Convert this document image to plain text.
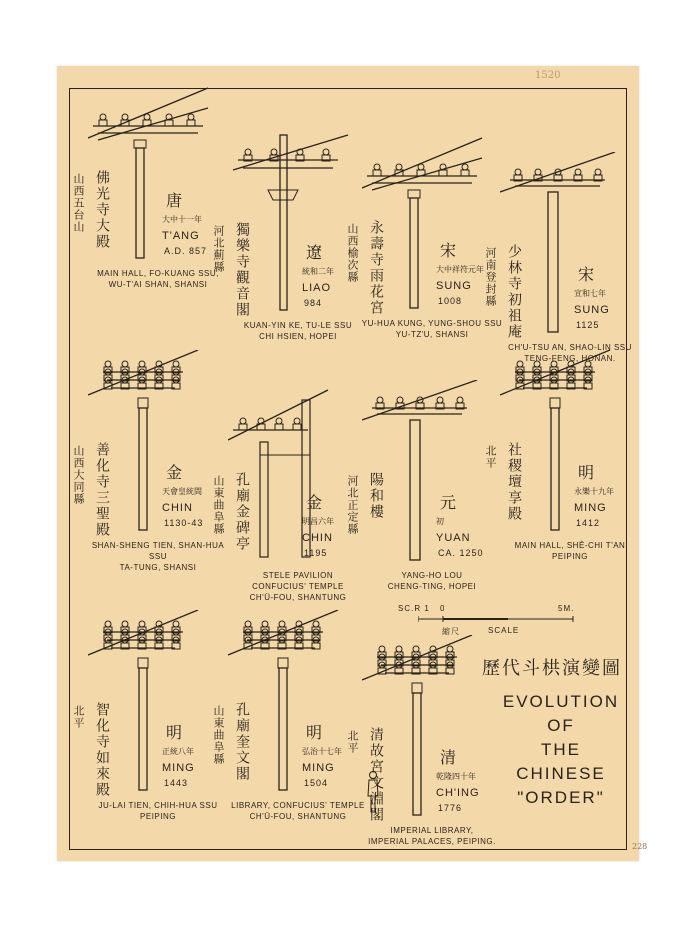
1520
山西五台山 佛光寺大殿	唐
大中十一年
T'ANG
A.D. 857
MAIN HALL, FO-KUANG SSU,
WU-T'AI SHAN, SHANSI
河北薊縣 獨樂寺觀音閣	遼
統和二年
LIAO
984
KUAN-YIN KE, TU-LE SSU
CHI HSIEN, HOPEI
山西榆次縣 永壽寺雨花宮	宋
大中祥符元年
SUNG
1008
YU-HUA KUNG, YUNG-SHOU SSU
YU-TZ'U, SHANSI
河南登封縣 少林寺初祖庵	宋
宣和七年
SUNG
1125
CH'U-TSU AN, SHAO-LIN SSU
TENG-FENG, HONAN.
山西大同縣 善化寺三聖殿	金
天會皇統間
CHIN
1130-43
SHAN-SHENG TIEN, SHAN-HUA SSU
TA-TUNG, SHANSI
山東曲阜縣 孔廟金碑亭	金
明昌六年
CHIN
1195
STELE PAVILION
CONFUCIUS' TEMPLE
CH'Ü-FOU, SHANTUNG
河北正定縣 陽和樓	元
初
YUAN
CA. 1250
YANG-HO LOU
CHENG-TING, HOPEI
北平 社稷壇享殿	明
永樂十九年
MING
1412
MAIN HALL, SHÊ-CHI T'AN
PEIPING
北平 智化寺如來殿	明
正統八年
MING
1443
JU-LAI TIEN, CHIH-HUA SSU
PEIPING
山東曲阜縣 孔廟奎文閣	明
弘治十七年
MING
1504
LIBRARY, CONFUCIUS' TEMPLE
CH'Ü-FOU, SHANTUNG
北平 清故宮文淵閣	清
乾隆四十年
CH'ING
1776
IMPERIAL LIBRARY,
IMPERIAL PALACES, PEIPING.
歷代斗栱演變圖
EVOLUTION
OF
THE
CHINESE
"ORDER"
SC.R 1 0	5M.
縮尺	SCALE
228
